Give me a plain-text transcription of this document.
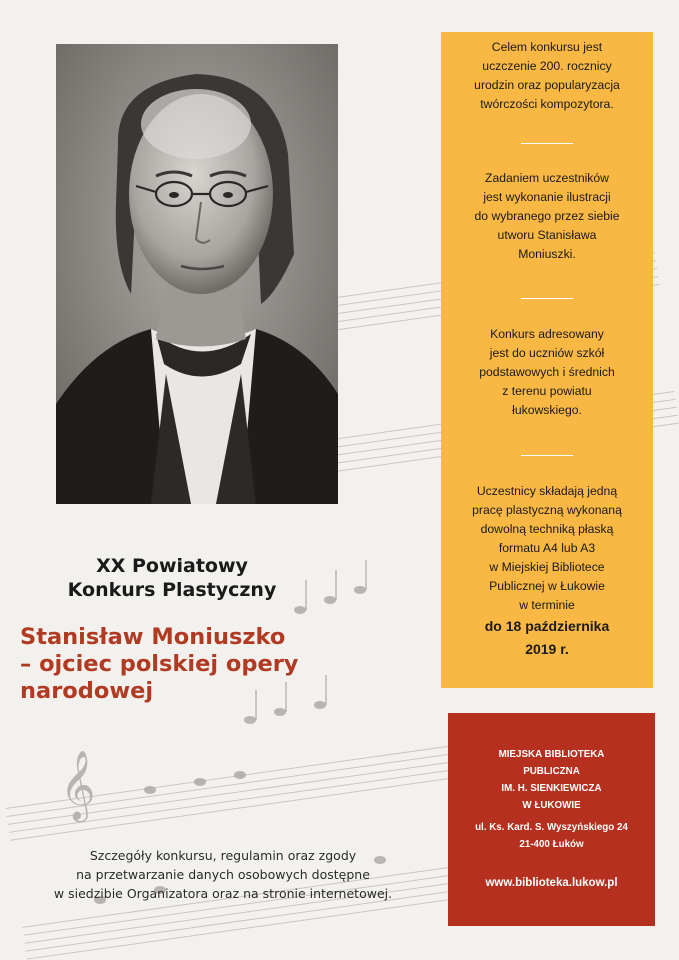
𝄞
XX Powiatowy
Konkurs Plastyczny
Stanisław Moniuszko
– ojciec polskiej opery
narodowej
Szczegóły konkursu, regulamin oraz zgody
na przetwarzanie danych osobowych dostępne
w siedzibie Organizatora oraz na stronie internetowej.
Celem konkursu jest
uczczenie 200. rocznicy
urodzin oraz popularyzacja
twórczości kompozytora.
Zadaniem uczestników
jest wykonanie ilustracji
do wybranego przez siebie
utworu Stanisława
Moniuszki.
Konkurs adresowany
jest do uczniów szkół
podstawowych i średnich
z terenu powiatu
łukowskiego.
Uczestnicy składają jedną
pracę plastyczną wykonaną
dowolną techniką płaską
formatu A4 lub A3
w Miejskiej Bibliotece
Publicznej w Łukowie
w terminie
do 18 października
2019 r.
MIEJSKA BIBLIOTEKA
PUBLICZNA
IM. H. SIENKIEWICZA
W ŁUKOWIE
ul. Ks. Kard. S. Wyszyńskiego 24
21-400 Łuków
www.biblioteka.lukow.pl
